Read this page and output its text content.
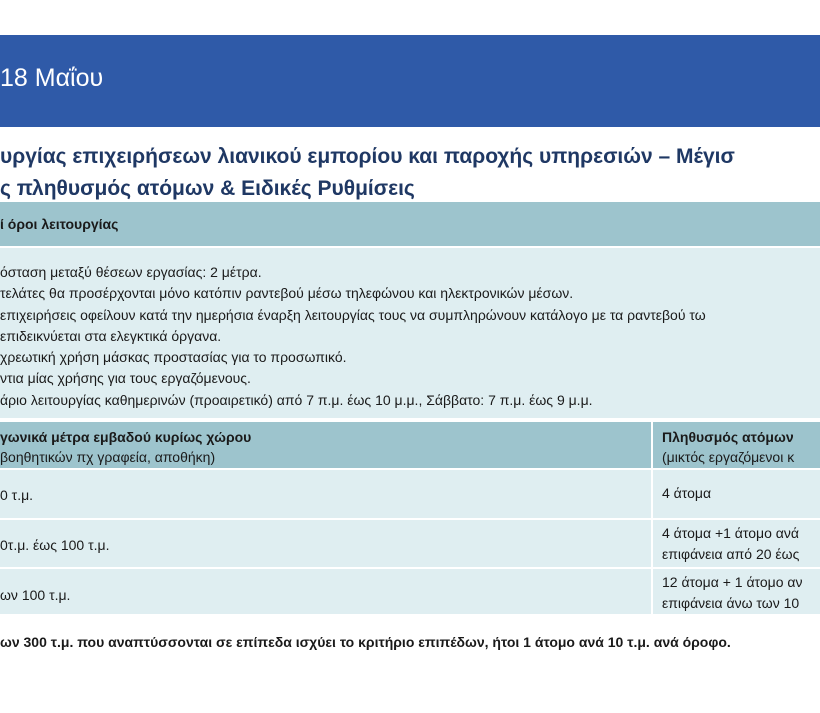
18 Μαΐου
υργίας επιχειρήσεων λιανικού εμπορίου και παροχής υπηρεσιών – Μέγισ
ς πληθυσμός ατόμων & Ειδικές Ρυθμίσεις
ί όροι λειτουργίας
όσταση μεταξύ θέσεων εργασίας: 2 μέτρα.
τελάτες θα προσέρχονται μόνο κατόπιν ραντεβού μέσω τηλεφώνου και ηλεκτρονικών μέσων.
επιχειρήσεις οφείλουν κατά την ημερήσια έναρξη λειτουργίας τους να συμπληρώνουν κατάλογο με τα ραντεβού τω
επιδεικνύεται στα ελεγκτικά όργανα.
χρεωτική χρήση μάσκας προστασίας για το προσωπικό.
ντια μίας χρήσης για τους εργαζόμενους.
άριο λειτουργίας καθημερινών (προαιρετικό) από 7 π.μ. έως 10 μ.μ., Σάββατο: 7 π.μ. έως 9 μ.μ.
γωνικά μέτρα εμβαδού κυρίως χώρου
βοηθητικών πχ γραφεία, αποθήκη)
Πληθυσμός ατόμων
(μικτός εργαζόμενοι κ
0 τ.μ.	4 άτομα
0τ.μ. έως 100 τ.μ.
4 άτομα +1 άτομο ανά
επιφάνεια από 20 έως
ων 100 τ.μ.
12 άτομα + 1 άτομο αν
επιφάνεια άνω των 10
ων 300 τ.μ. που αναπτύσσονται σε επίπεδα ισχύει το κριτήριο επιπέδων, ήτοι 1 άτομο ανά 10 τ.μ. ανά όροφο.
